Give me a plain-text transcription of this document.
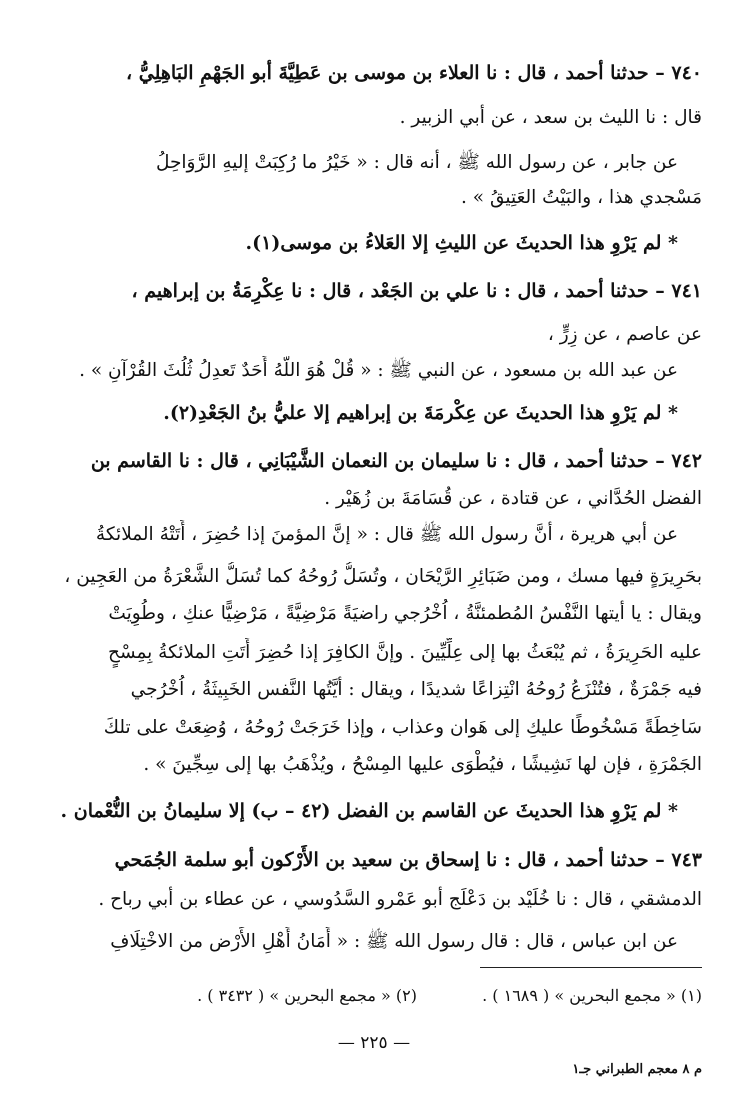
٧٤٠ – حدثنا أحمد ، قال : نا العلاء بن موسى بن عَطِيَّةَ أبو الجَهْمِ البَاهِلِيُّ ،
قال : نا الليث بن سعد ، عن أبي الزبير .
عن جابر ، عن رسول الله ﷺ ، أنه قال : « خَيْرُ ما رُكِبَتْ إليهِ الرَّوَاحِلُ
مَسْجدي هذا ، والبَيْتُ العَتِيقُ » .
* لم يَرْوِ هذا الحديثَ عن الليثِ إلا العَلاءُ بن موسى(١).
٧٤١ – حدثنا أحمد ، قال : نا علي بن الجَعْد ، قال : نا عِكْرِمَةُ بن إبراهيم ،
عن عاصم ، عن زِرٍّ ،
عن عبد الله بن مسعود ، عن النبي ﷺ : « قُلْ هُوَ اللَّهُ أَحَدٌ تَعدِلُ ثُلُثَ القُرْآنِ » .
* لم يَرْوِ هذا الحديثَ عن عِكْرمَةَ بن إبراهيم إلا عليُّ بنُ الجَعْدِ(٢).
٧٤٢ – حدثنا أحمد ، قال : نا سليمان بن النعمان الشَّيْبَانِي ، قال : نا القاسم بن
الفضل الحُدَّاني ، عن قتادة ، عن قُسَامَةَ بن زُهَيْر .
عن أبي هريرة ، أنَّ رسول الله ﷺ قال : « إنَّ المؤمنَ إذا حُضِرَ ، أَتَتْهُ الملائكةُ
بحَرِيرَةٍ فيها مسك ، ومن ضَبَائِرِ الرَّيْحَان ، وتُسَلُّ رُوحُهُ كما تُسَلُّ الشَّعْرَةُ من العَجِين ،
ويقال : يا أيتها النَّفْسُ المُطمئنَّةُ ، اُخْرُجي راضيَةً مَرْضِيَّةً ، مَرْضِيًّا عنكِ ، وطُوِيَتْ
عليه الحَرِيرَةُ ، ثم يُبْعَثُ بها إلى عِلِّيِّينَ . وإنَّ الكافِرَ إذا حُضِرَ أَتَتِ الملائكةُ بِمِسْحٍ
فيه جَمْرَةٌ ، فتُنْزَعُ رُوحُهُ انْتِزاعًا شديدًا ، ويقال : أيَّتُها النَّفس الخَبِيثَةُ ، اُخْرُجي
سَاخِطَةً مَسْخُوطًا عليكِ إلى هَوان وعذاب ، وإذا خَرَجَتْ رُوحُهُ ، وُضِعَتْ على تلكَ
الجَمْرَةِ ، فإن لها نَشِيشًا ، فيُطْوَى عليها المِسْحُ ، ويُذْهَبُ بها إلى سِجِّينَ » .
* لم يَرْوِ هذا الحديثَ عن القاسم بن الفضل (٤٢ – ب) إلا سليمانُ بن النُّعْمان .
٧٤٣ – حدثنا أحمد ، قال : نا إسحاق بن سعيد بن الأَرْكون أبو سلمة الجُمَحي
الدمشقي ، قال : نا خُلَيْد بن دَعْلَج أبو عَمْرو السَّدُوسي ، عن عطاء بن أبي رباح .
عن ابن عباس ، قال : قال رسول الله ﷺ : « أَمَانُ أَهْلِ الأَرْض من الاخْتِلَافِ
(١) « مجمع البحرين » ( ١٦٨٩ ) . (٢) « مجمع البحرين » ( ٣٤٣٢ ) .
— ٢٢٥ —
م ٨ معجم الطبراني جـ١
